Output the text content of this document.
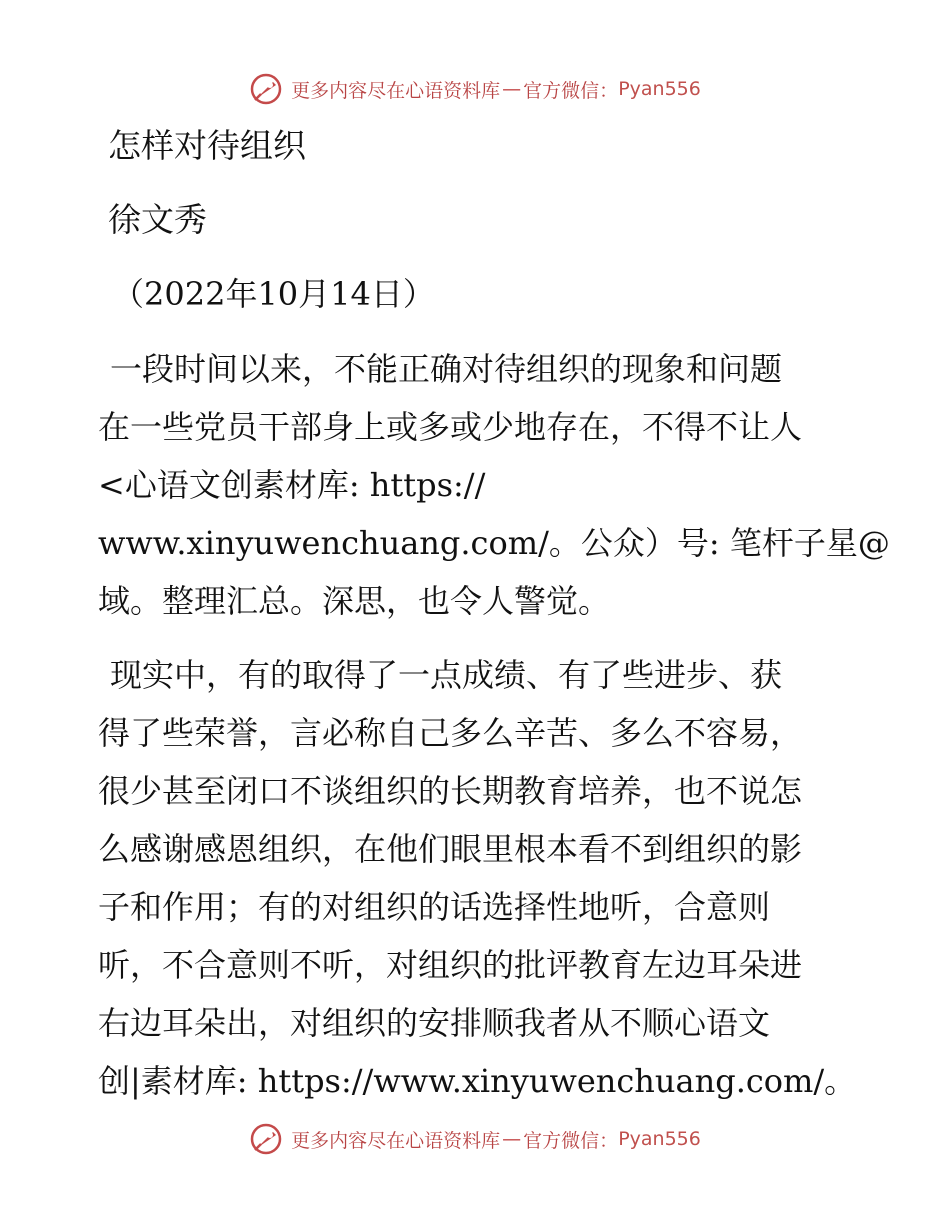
更多内容尽在心语资料库 — 官方微信： Pyan556
怎样对待组织
徐文秀
（2022年10月14日）
一段时间以来，不能正确对待组织的现象和问题
在一些党员干部身上或多或少地存在，不得不让人
<心语文创素材库: https://
www.xinyuwenchuang.com/。公众）号: 笔杆子星@
域。整理汇总。深思，也令人警觉。
现实中，有的取得了一点成绩、有了些进步、获
得了些荣誉，言必称自己多么辛苦、多么不容易，
很少甚至闭口不谈组织的长期教育培养，也不说怎
么感谢感恩组织，在他们眼里根本看不到组织的影
子和作用；有的对组织的话选择性地听，合意则
听，不合意则不听，对组织的批评教育左边耳朵进
右边耳朵出，对组织的安排顺我者从不顺心语文
创|素材库: https://www.xinyuwenchuang.com/。
更多内容尽在心语资料库 — 官方微信： Pyan556
